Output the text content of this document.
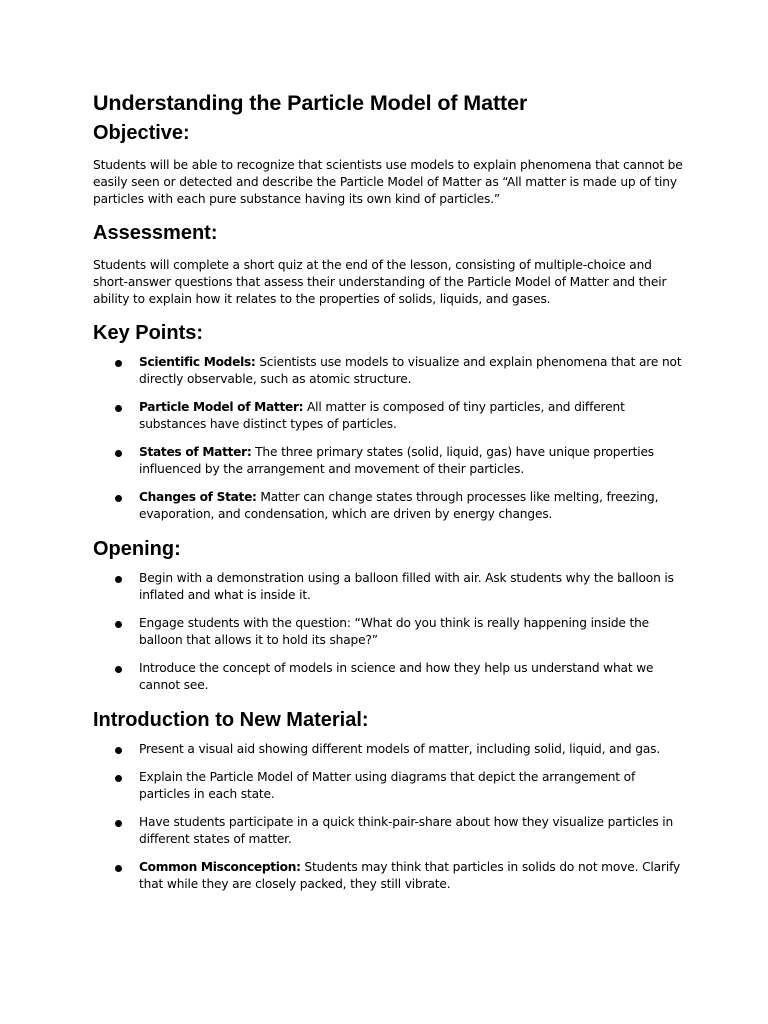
Understanding the Particle Model of Matter
Objective:

Students will be able to recognize that scientists use models to explain phenomena that cannot be easily seen or detected and describe the Particle Model of Matter as “All matter is made up of tiny particles with each pure substance having its own kind of particles.”

Assessment:

Students will complete a short quiz at the end of the lesson, consisting of multiple-choice and short-answer questions that assess their understanding of the Particle Model of Matter and their ability to explain how it relates to the properties of solids, liquids, and gases.

Key Points:
Scientific Models: Scientists use models to visualize and explain phenomena that are not directly observable, such as atomic structure.
Particle Model of Matter: All matter is composed of tiny particles, and different substances have distinct types of particles.
States of Matter: The three primary states (solid, liquid, gas) have unique properties influenced by the arrangement and movement of their particles.
Changes of State: Matter can change states through processes like melting, freezing, evaporation, and condensation, which are driven by energy changes.
Opening:
Begin with a demonstration using a balloon filled with air. Ask students why the balloon is inflated and what is inside it.
Engage students with the question: “What do you think is really happening inside the balloon that allows it to hold its shape?”
Introduce the concept of models in science and how they help us understand what we cannot see.
Introduction to New Material:
Present a visual aid showing different models of matter, including solid, liquid, and gas.
Explain the Particle Model of Matter using diagrams that depict the arrangement of particles in each state.
Have students participate in a quick think-pair-share about how they visualize particles in different states of matter.
Common Misconception: Students may think that particles in solids do not move. Clarify that while they are closely packed, they still vibrate.
